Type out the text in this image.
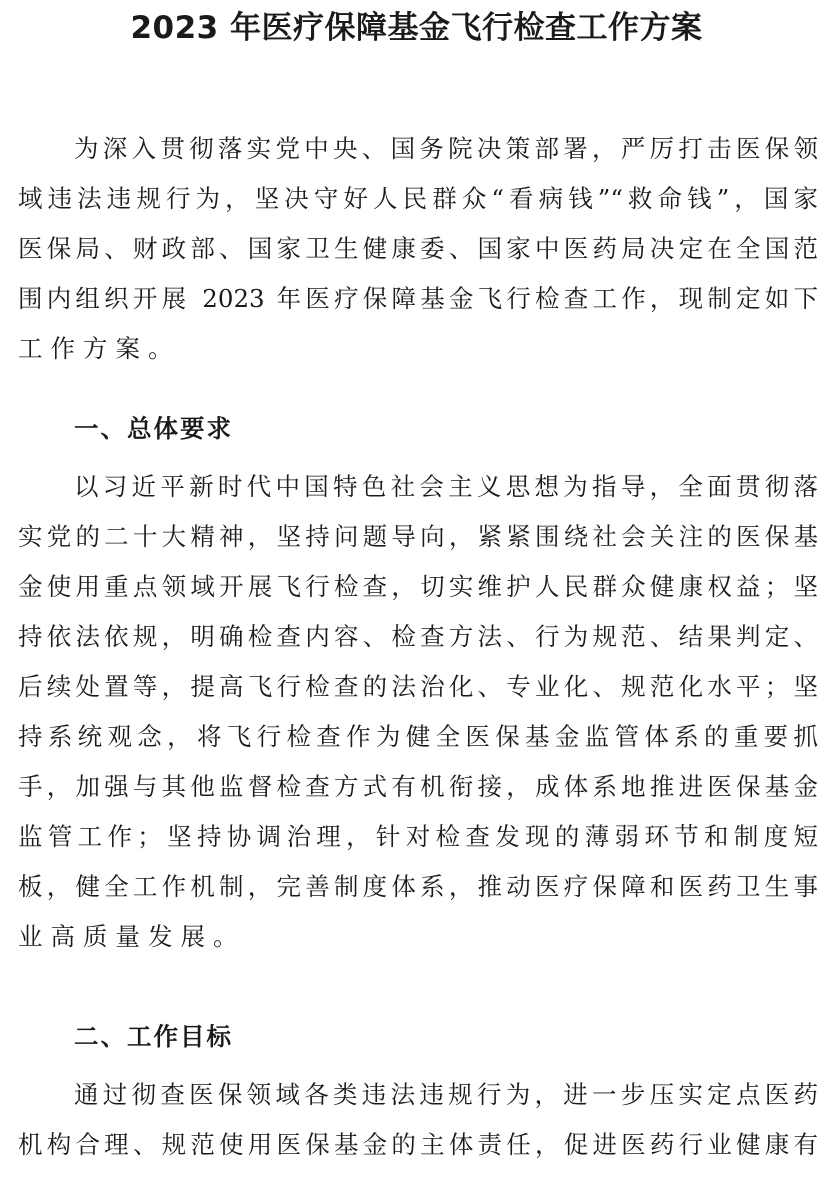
2023 年医疗保障基金飞行检查工作方案
为深入贯彻落实党中央、国务院决策部署，严厉打击医保领
域违法违规行为，坚决守好人民群众“看病钱”“救命钱”，国家
医保局、财政部、国家卫生健康委、国家中医药局决定在全国范
围内组织开展 2023 年医疗保障基金飞行检查工作，现制定如下
工作方案。
一、总体要求
以习近平新时代中国特色社会主义思想为指导，全面贯彻落
实党的二十大精神，坚持问题导向，紧紧围绕社会关注的医保基
金使用重点领域开展飞行检查，切实维护人民群众健康权益；坚
持依法依规，明确检查内容、检查方法、行为规范、结果判定、
后续处置等，提高飞行检查的法治化、专业化、规范化水平；坚
持系统观念，将飞行检查作为健全医保基金监管体系的重要抓
手，加强与其他监督检查方式有机衔接，成体系地推进医保基金
监管工作；坚持协调治理，针对检查发现的薄弱环节和制度短
板，健全工作机制，完善制度体系，推动医疗保障和医药卫生事
业高质量发展。
二、工作目标
通过彻查医保领域各类违法违规行为，进一步压实定点医药
机构合理、规范使用医保基金的主体责任，促进医药行业健康有
